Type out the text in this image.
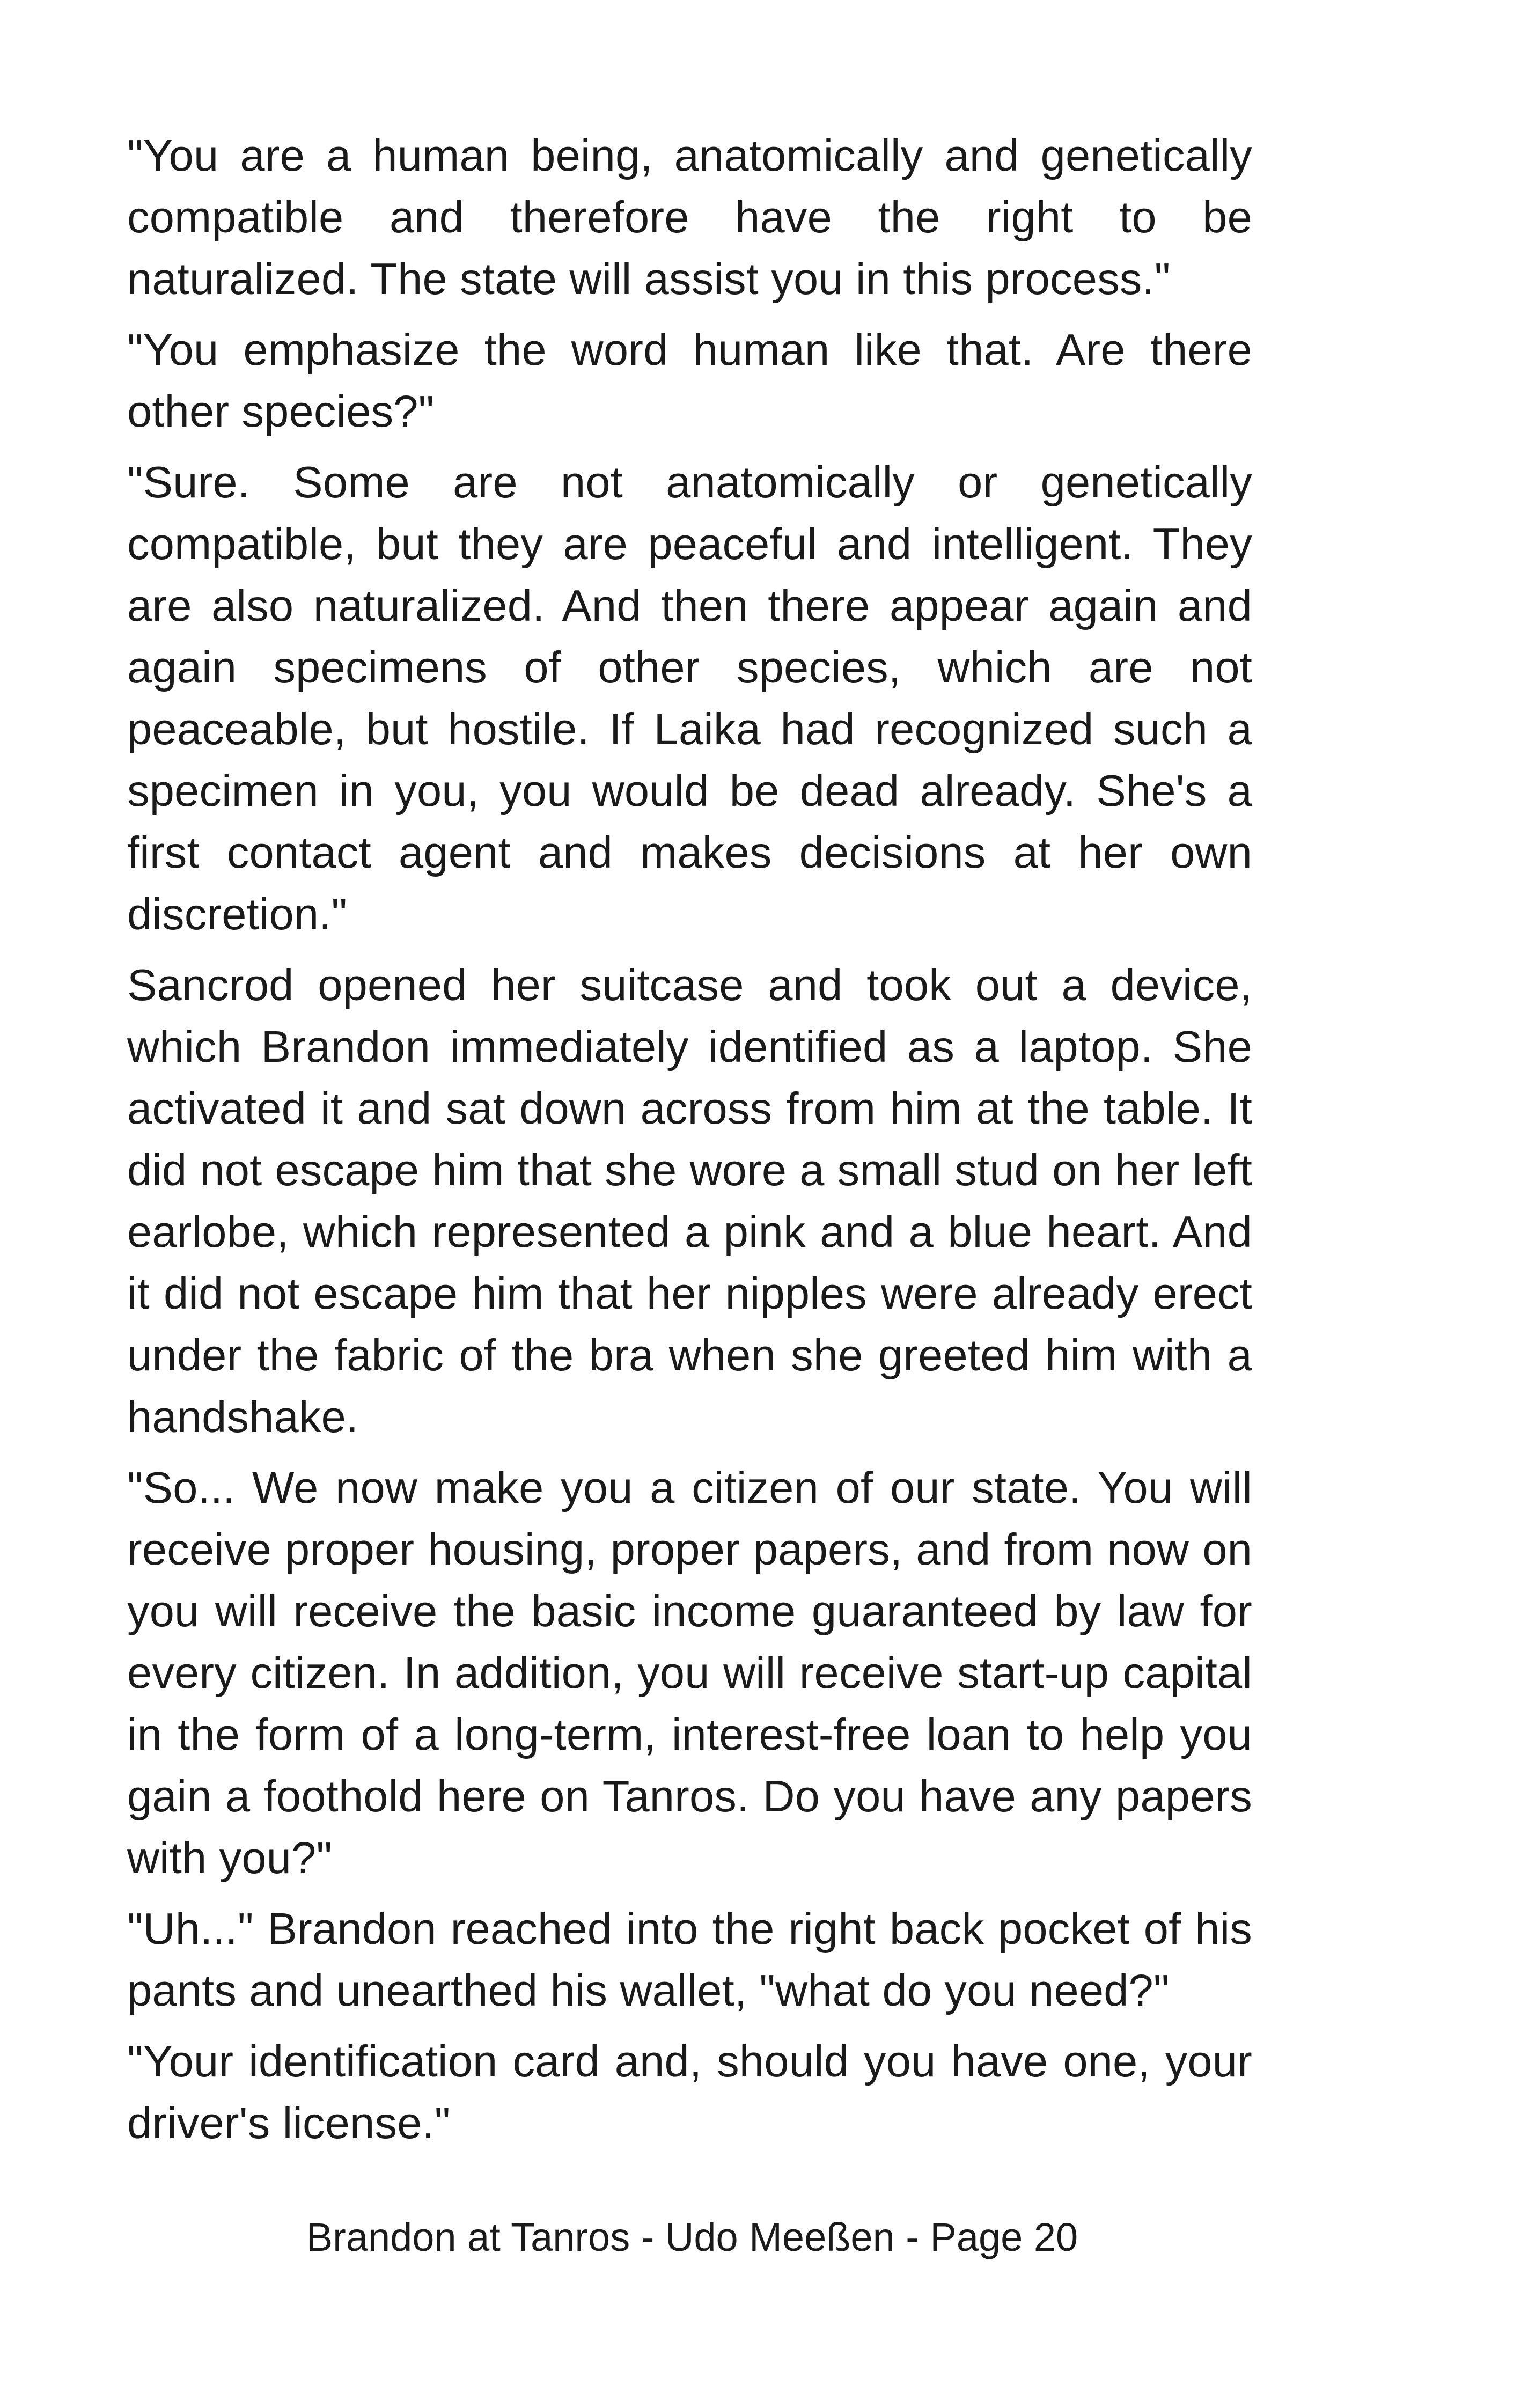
"You are a human being, anatomically and genetically compatible and therefore have the right to be naturalized. The state will assist you in this process."

"You emphasize the word human like that. Are there other species?"

"Sure. Some are not anatomically or genetically compatible, but they are peaceful and intelligent. They are also naturalized. And then there appear again and again specimens of other species, which are not peaceable, but hostile. If Laika had recognized such a specimen in you, you would be dead already. She's a first contact agent and makes decisions at her own discretion."

Sancrod opened her suitcase and took out a device, which Brandon immediately identified as a laptop. She activated it and sat down across from him at the table. It did not escape him that she wore a small stud on her left earlobe, which represented a pink and a blue heart. And it did not escape him that her nipples were already erect under the fabric of the bra when she greeted him with a handshake.

"So... We now make you a citizen of our state. You will receive proper housing, proper papers, and from now on you will receive the basic income guaranteed by law for every citizen. In addition, you will receive start-up capital in the form of a long-term, interest-free loan to help you gain a foothold here on Tanros. Do you have any papers with you?"

"Uh..." Brandon reached into the right back pocket of his pants and unearthed his wallet, "what do you need?"

"Your identification card and, should you have one, your driver's license."

Brandon at Tanros - Udo Meeßen - Page 20
